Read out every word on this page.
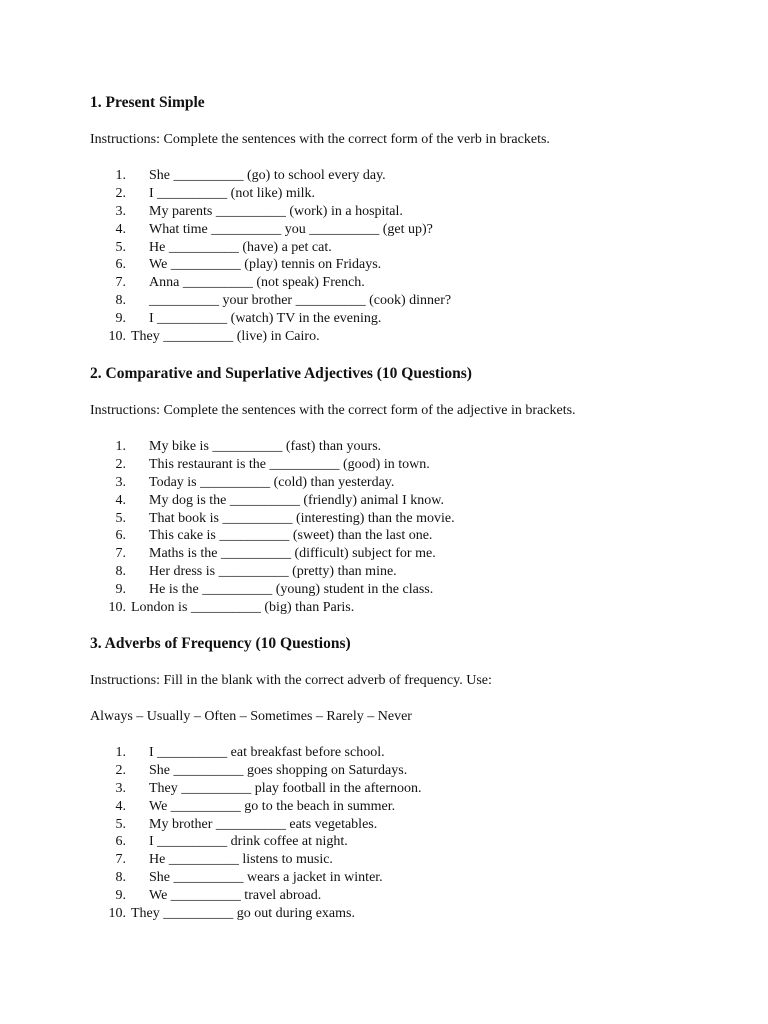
1. Present Simple

Instructions: Complete the sentences with the correct form of the verb in brackets.

1. She __________ (go) to school every day.
2. I __________ (not like) milk.
3. My parents __________ (work) in a hospital.
4. What time __________ you __________ (get up)?
5. He __________ (have) a pet cat.
6. We __________ (play) tennis on Fridays.
7. Anna __________ (not speak) French.
8. __________ your brother __________ (cook) dinner?
9. I __________ (watch) TV in the evening.
10. They __________ (live) in Cairo.
2. Comparative and Superlative Adjectives (10 Questions)

Instructions: Complete the sentences with the correct form of the adjective in brackets.

1. My bike is __________ (fast) than yours.
2. This restaurant is the __________ (good) in town.
3. Today is __________ (cold) than yesterday.
4. My dog is the __________ (friendly) animal I know.
5. That book is __________ (interesting) than the movie.
6. This cake is __________ (sweet) than the last one.
7. Maths is the __________ (difficult) subject for me.
8. Her dress is __________ (pretty) than mine.
9. He is the __________ (young) student in the class.
10. London is __________ (big) than Paris.
3. Adverbs of Frequency (10 Questions)

Instructions: Fill in the blank with the correct adverb of frequency. Use:

Always – Usually – Often – Sometimes – Rarely – Never

1. I __________ eat breakfast before school.
2. She __________ goes shopping on Saturdays.
3. They __________ play football in the afternoon.
4. We __________ go to the beach in summer.
5. My brother __________ eats vegetables.
6. I __________ drink coffee at night.
7. He __________ listens to music.
8. She __________ wears a jacket in winter.
9. We __________ travel abroad.
10. They __________ go out during exams.
